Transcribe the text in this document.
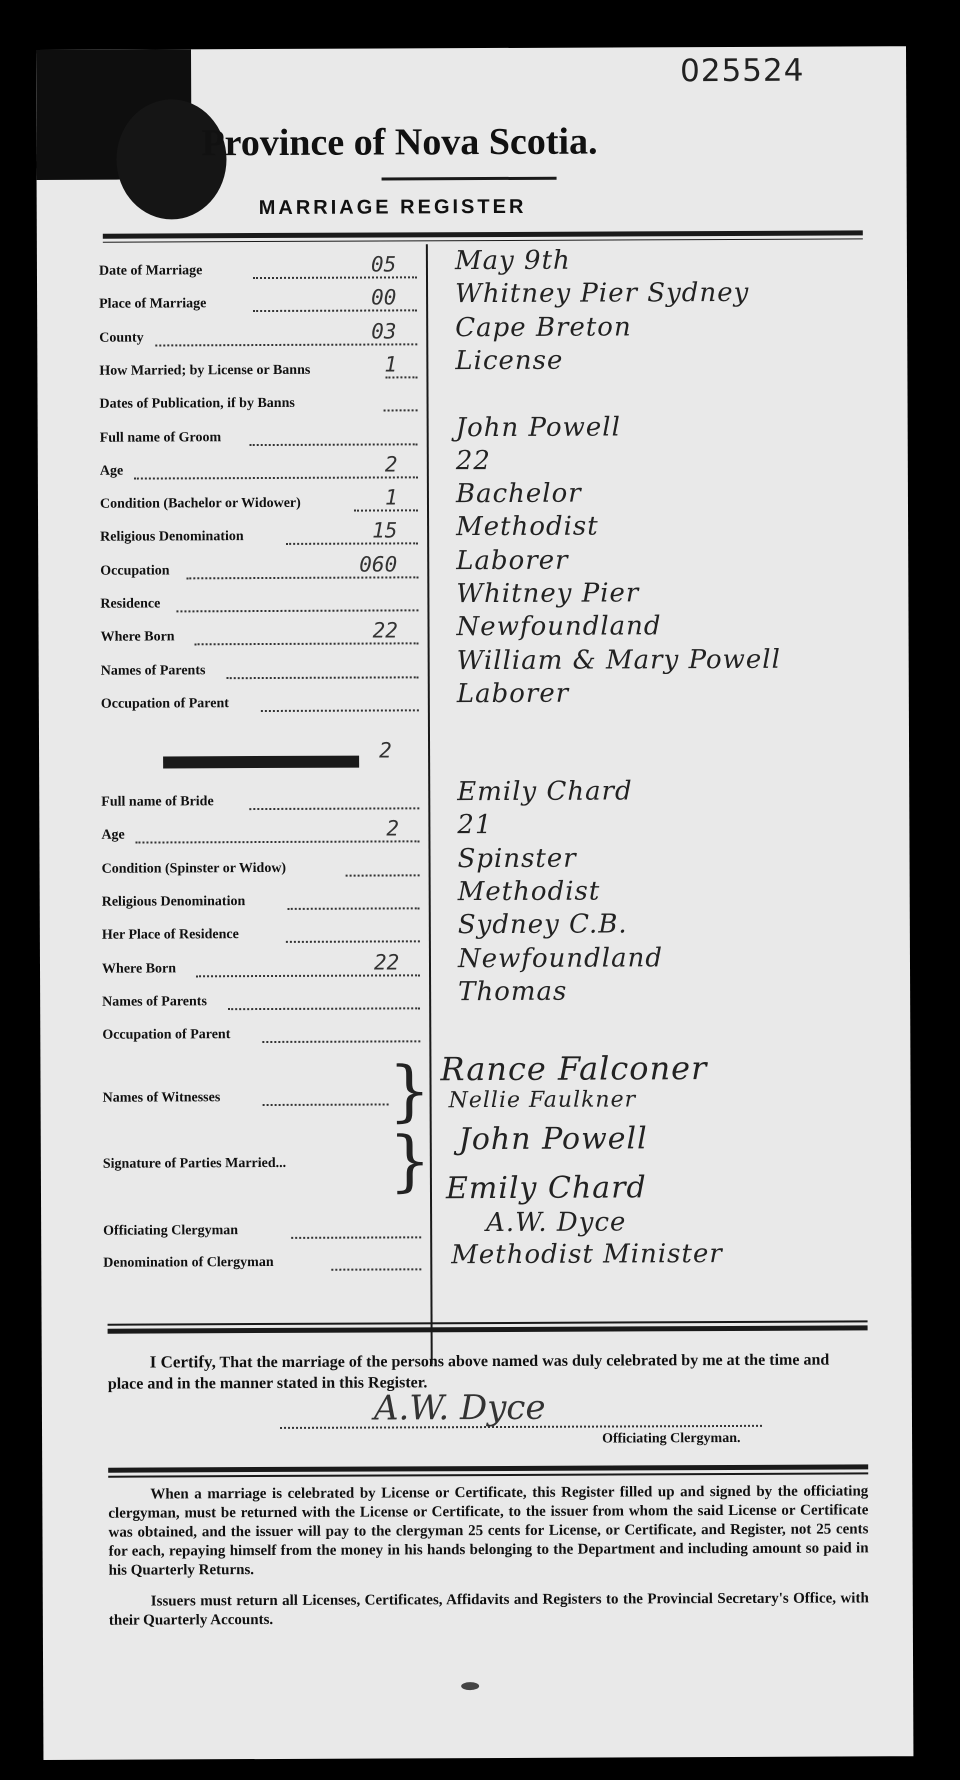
025524
Province of Nova Scotia.
MARRIAGE REGISTER
2
Date of Marriage	05 May 9th
Place of Marriage	00 Whitney Pier Sydney
County	03 Cape Breton
How Married; by License or Banns	1 License
Dates of Publication, if by Banns
Full name of Groom	John Powell
Age	2 22
Condition (Bachelor or Widower)	1 Bachelor
Religious Denomination	15 Methodist
Occupation	060 Laborer
Residence	Whitney Pier
Where Born	22 Newfoundland
Names of Parents	William & Mary Powell
Occupation of Parent	Laborer
Full name of Bride	Emily Chard
Age	2 21
Condition (Spinster or Widow)	Spinster
Religious Denomination	Methodist
Her Place of Residence	Sydney C.B.
Where Born	22 Newfoundland
Names of Parents	Thomas
Occupation of Parent
Names of Witnesses	} Rance Falconer
Nellie Faulkner
Signature of Parties Married... } John Powell
Emily Chard
Officiating Clergyman	A.W. Dyce
Denomination of Clergyman	Methodist Minister

I Certify, That the marriage of the persons above named was duly celebrated by me at the time and place and in the manner stated in this Register.

A.W. Dyce
Officiating Clergyman.

When a marriage is celebrated by License or Certificate, this Register filled up and signed by the officiating clergyman, must be returned with the License or Certificate, to the issuer from whom the said License or Certificate was obtained, and the issuer will pay to the clergyman 25 cents for License, or Certificate, and Register, not 25 cents for each, repaying himself from the money in his hands belonging to the Department and including amount so paid in his Quarterly Returns.

Issuers must return all Licenses, Certificates, Affidavits and Registers to the Provincial Secretary's Office, with their Quarterly Accounts.
